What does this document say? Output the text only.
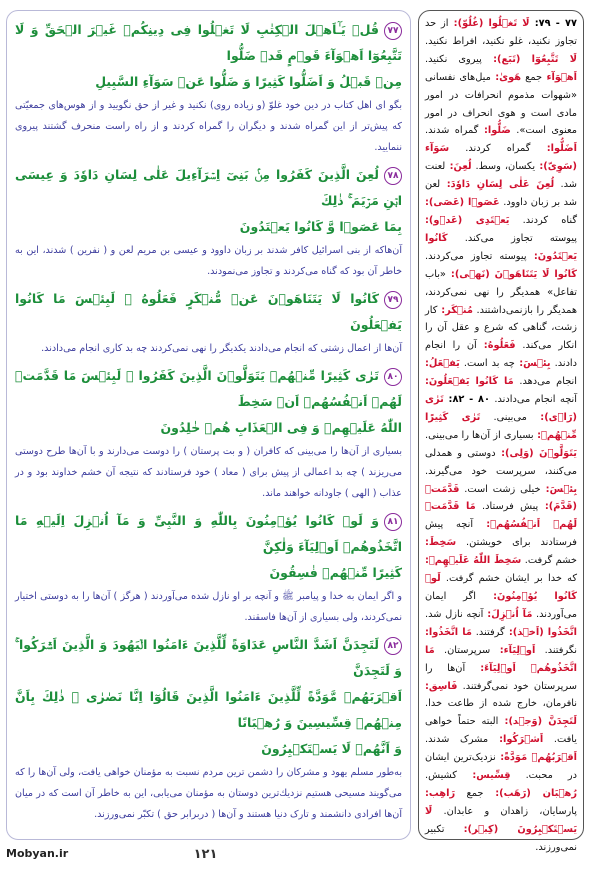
۷۷قُلۡ يَـٰٓاَهۡلَ الۡكِتٰبِ لَا تَغۡلُوا فِى دِينِكُمۡ غَيۡرَ الۡحَقِّ وَ لَا تَتَّبِعُوٓا اَهۡوَآءَ قَوۡمٍ قَدۡ ضَلُّوا

مِنۡ قَبۡلُ وَ اَضَلُّوا كَثِيرًا وَ ضَلُّوا عَنۡ سَوَآءِ السَّبِيلِ

بگو ای اهل كتاب در دين خود غلوّ (و زياده روی) نكنيد و غير از حق نگوييد و از هوس‌های جمعيّتی كه پيش‌تر از اين گمراه شدند و ديگران را گمراه كردند و از راه راست منحرف گشتند پيروی ننماييد.

۷۸لُعِنَ الَّذِينَ كَفَرُوا مِنۢ بَنِىٓ اِسۡرَآءِيلَ عَلٰى لِسَانِ دَاوٗدَ وَ عِيسَى ابۡنِ مَرۡيَمَ ۚ ذٰلِكَ

بِمَا عَصَوۡا وَّ كَانُوا يَعۡتَدُونَ

آن‌هاكه از بنی اسرائيل كافر شدند بر زبان داوود و عيسی بن مريم لعن و ( نفرين ) شدند، اين به خاطر آن بود كه گناه می‌كردند و تجاوز می‌نمودند.

۷۹كَانُوا لَا يَتَنَاهَوۡنَ عَنۡ مُّنۡكَرٍ فَعَلُوهُ ۚ لَبِئۡسَ مَا كَانُوا يَفۡعَلُونَ

آن‌ها از اعمال زشتی كه انجام می‌دادند يكديگر را نهی نمی‌كردند چه بد كاری انجام می‌دادند.

۸۰تَرٰى كَثِيرًا مِّنۡهُمۡ يَتَوَلَّوۡنَ الَّذِينَ كَفَرُوا ۚ لَبِئۡسَ مَا قَدَّمَتۡ لَهُمۡ اَنۡفُسُهُمۡ اَنۡ سَخِطَ

اللّٰهُ عَلَيۡهِمۡ وَ فِى الۡعَذَابِ هُمۡ خٰلِدُونَ

بسياری از آن‌ها را می‌بينی كه كافران ( و بت پرستان ) را دوست می‌دارند و با آن‌ها طرح دوستی می‌ريزند ) چه بد اعمالی از پيش برای ( معاد ) خود فرستادند كه نتيجه آن خشم خداوند بود و در عذاب ( الهی ) جاودانه خواهند ماند.

۸۱وَ لَوۡ كَانُوا يُؤۡمِنُونَ بِاللّٰهِ وَ النَّبِىِّ وَ مَآ اُنۡزِلَ اِلَيۡهِ مَا اتَّخَذُوهُمۡ اَوۡلِيَآءَ وَلٰكِنَّ

كَثِيرًا مِّنۡهُمۡ فٰسِقُونَ

و اگر ايمان به خدا و پيامبر ﷺ و آنچه بر او نازل شده می‌آوردند ( هرگز ) آن‌ها را به دوستی اختيار نمی‌كردند، ولی بسياری از آن‌ها فاسقند.

۸۲لَتَجِدَنَّ اَشَدَّ النَّاسِ عَدَاوَةً لِّلَّذِينَ ءَامَنُوا الۡيَهُودَ وَ الَّذِينَ اَشۡرَكُوا ۚ وَ لَتَجِدَنَّ

اَقۡرَبَهُمۡ مَّوَدَّةً لِّلَّذِينَ ءَامَنُوا الَّذِينَ قَالُوٓا اِنَّا نَصٰرٰى ۚ ذٰلِكَ بِاَنَّ مِنۡهُمۡ قِسِّيسِينَ وَ رُهۡبَانًا

وَ اَنَّهُمۡ لَا يَسۡتَكۡبِرُونَ

به‌طور مسلم يهود و مشركان را دشمن ترين مردم نسبت به مؤمنان خواهی يافت، ولی آن‌ها را كه می‌گويند مسيحی هستيم نزديك‌ترين دوستان به مؤمنان می‌يابی، اين به خاطر آن است كه در ميان آن‌ها افرادی دانشمند و تارک دنيا هستند و آن‌ها ( دربرابر حق ) تكبّر نمی‌ورزند.

۷۷ - ۷۹: لَا تَغۡلُوا (غُلُوّ): از حد تجاوز نكنيد، غلو نكنيد، افراط نكنيد. لَا تَتَّبِعُوٓا (تَبَع): پيروی نكنيد. اَهۡوَآء جمع هَوىٰ: ميل‌های نفسانی «شهوات مذموم انحرافات در امور مادی است و هوی انحراف در امور معنوی است». ضَلُّوا: گمراه شدند. اَضَلُّوا: گمراه كردند. سَوَآء (سَوِىّ): يكسان، وسط. لُعِنَ: لعنت شد. لُعِنَ عَلٰى لِسَانِ دَاوٗدَ: لعن شد بر زبان داوود. عَصَوۡا (عَصَى): گناه كردند. يَعۡتَدِى (عَدۡو): پيوسته تجاوز می‌كند. كَانُوا يَعۡتَدُونَ: پيوسته تجاوز می‌كردند. كَانُوا لَا يَتَنَاهَوۡنَ (نَهۡى): «باب تفاعل» همديگر را نهی نمی‌كردند، همديگر را بازنمی‌داشتند. مُنۡكَر: كار زشت، گناهی كه شرع و عقل آن را انكار می‌كند. فَعَلُوهُ: آن را انجام دادند. بِئۡسَ: چه بد است. يَفۡعَلُ: انجام می‌دهد. مَا كَانُوا يَفۡعَلُونَ: آنچه انجام می‌دادند. ۸۰ - ۸۲: تَرٰى (رَاۡى): می‌بينی. تَرٰى كَثِيرًا مِّنۡهُمۡ: بسياری از آن‌ها را می‌بينی. يَتَوَلَّوۡنَ (وَلِى): دوستی و همدلی می‌كنند، سرپرست خود می‌گيرند. بِئۡسَ: خيلی زشت است. قَدَّمَتۡ (قَدَّمَ): پيش فرستاد. مَا قَدَّمَتۡ لَهُمۡ اَنۡفُسُهُمۡ: آنچه پيش فرستادند برای خويشتن. سَخِطَ: خشم گرفت. سَخِطَ اللّٰهُ عَلَيۡهِمۡ: كه خدا بر ايشان خشم گرفت. لَوۡ كَانُوا يُؤۡمِنُونَ: اگر ايمان می‌آوردند. مَآ اُنۡزِلَ: آنچه نازل شد. اتَّخَذُوا (اَخۡذ): گرفتند. مَا اتَّخَذُوا: نگرفتند. اَوۡلِيَآء: سرپرستان. مَا اتَّخَذُوهُمۡ اَوۡلِيَآءَ: آن‌ها را سرپرستان خود نمی‌گرفتند. فَاسِق: نافرمان، خارج شده از طاعت خدا. لَتَجِدَنَّ (وَجۡد): البته حتماً خواهی يافت. اَشۡرَكُوا: مشرک شدند. اَقۡرَبُهُمۡ مَوَدَّةً: نزديک‌ترين ايشان در محبت. قِسِّيس: كشيش. رُهۡبَان (رَهَب): جمع رَاهِب: پارسايان، زاهدان و عابدان. لَا يَسۡتَكۡبِرُونَ (كِبۡر): تكبير نمی‌ورزند.
Mobyan.ir	۱۲۱
